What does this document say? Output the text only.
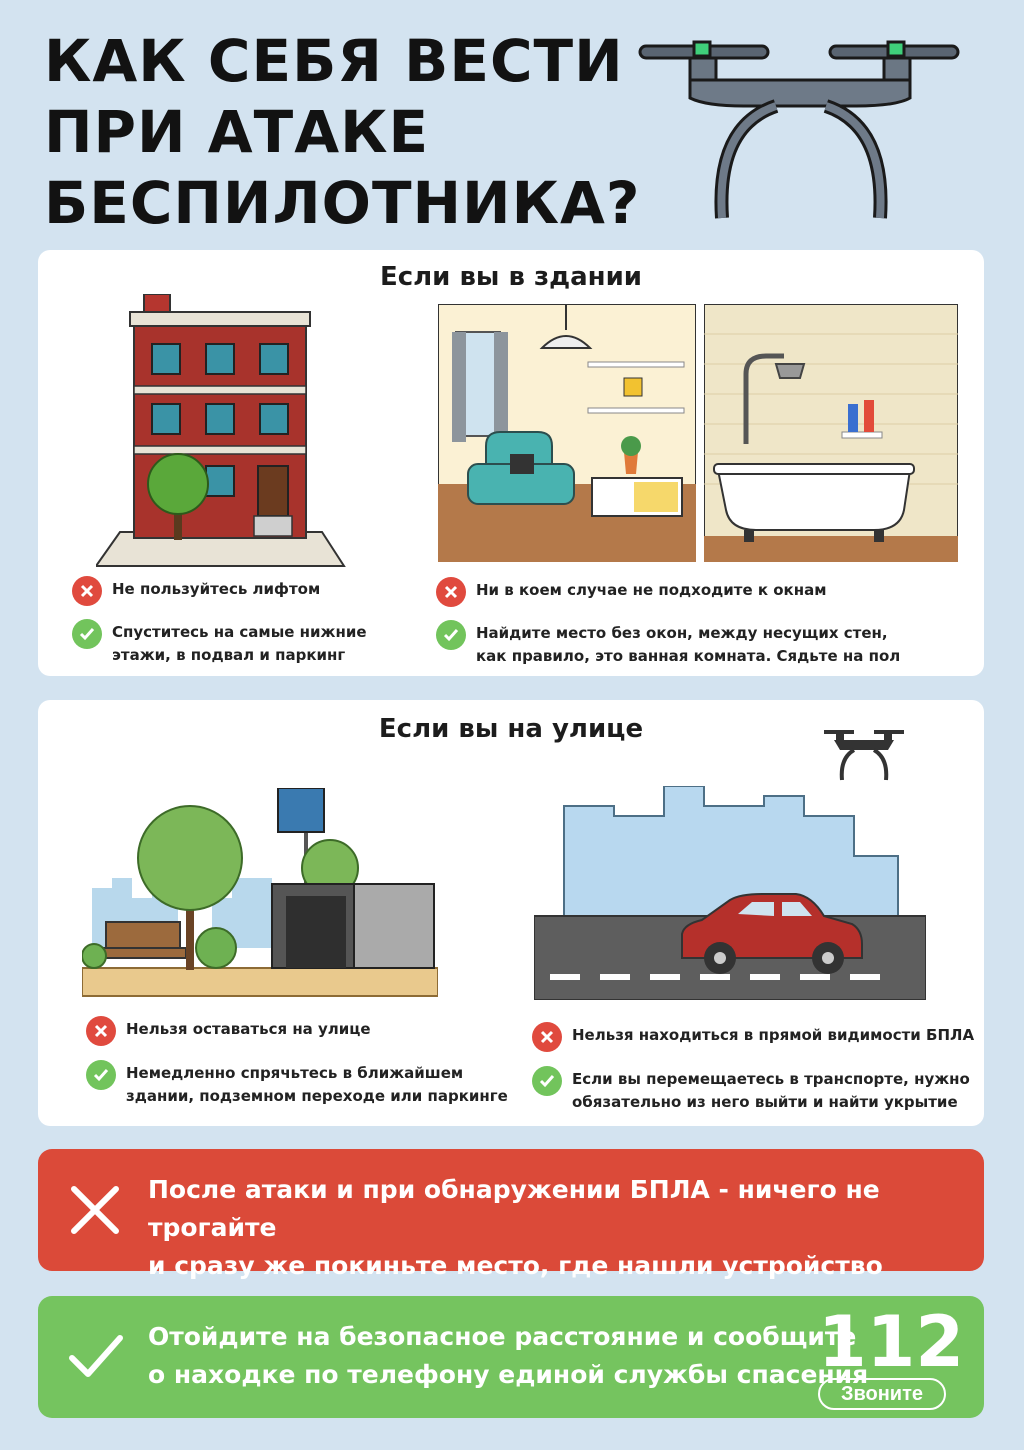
КАК СЕБЯ ВЕСТИ
ПРИ АТАКЕ
БЕСПИЛОТНИКА?
Если вы в здании
Не пользуйтесь лифтом
Спуститесь на самые нижние
этажи, в подвал и паркинг
Ни в коем случае не подходите к окнам
Найдите место без окон, между несущих стен,
как правило, это ванная комната. Сядьте на пол
Если вы на улице
Нельзя оставаться на улице
Немедленно спрячьтесь в ближайшем
здании, подземном переходе или паркинге
Нельзя находиться в прямой видимости БПЛА
Если вы перемещаетесь в транспорте, нужно
обязательно из него выйти и найти укрытие
После атаки и при обнаружении БПЛА - ничего не трогайте
и сразу же покиньте место, где нашли устройство
Отойдите на безопасное расстояние и сообщите
о находке по телефону единой службы спасения
112
Звоните
